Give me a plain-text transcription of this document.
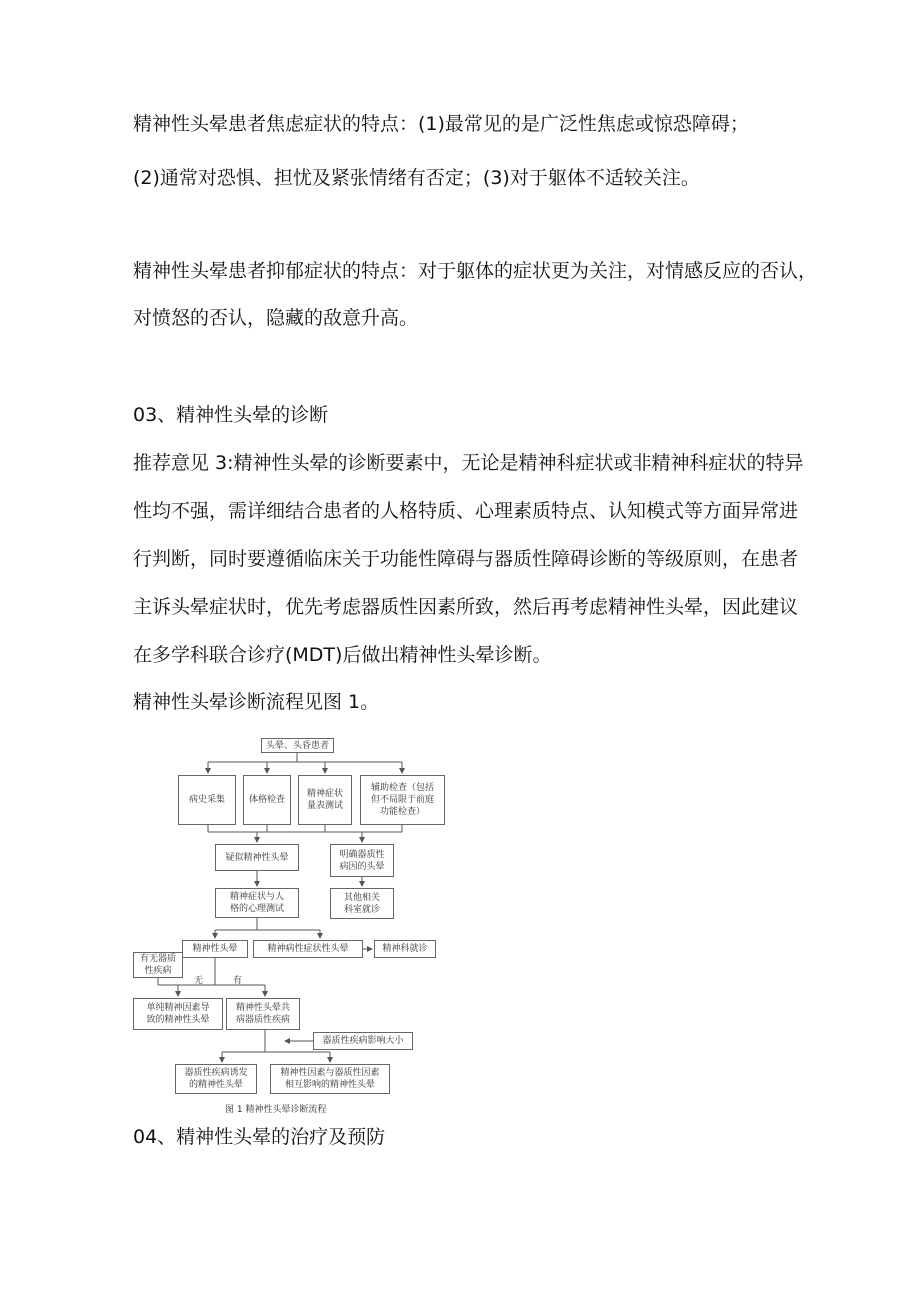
精神性头晕患者焦虑症状的特点：(1)最常见的是广泛性焦虑或惊恐障碍；
(2)通常对恐惧、担忧及紧张情绪有否定；(3)对于躯体不适较关注。
精神性头晕患者抑郁症状的特点：对于躯体的症状更为关注，对情感反应的否认，
对愤怒的否认，隐藏的敌意升高。
03、精神性头晕的诊断
推荐意见 3:精神性头晕的诊断要素中，无论是精神科症状或非精神科症状的特异
性均不强，需详细结合患者的人格特质、心理素质特点、认知模式等方面异常进
行判断，同时要遵循临床关于功能性障碍与器质性障碍诊断的等级原则，在患者
主诉头晕症状时，优先考虑器质性因素所致，然后再考虑精神性头晕，因此建议
在多学科联合诊疗(MDT)后做出精神性头晕诊断。
精神性头晕诊断流程见图 1。
头晕、头昏患者
病史采集	体格检查
精神症状
量表测试
辅助检查（包括
但不局限于前庭
功能检查）
疑似精神性头晕	明确器质性
病因的头晕
精神症状与人
格的心理测试
其他相关
科室就诊
精神性头晕	精神病性症状性头晕	精神科就诊
有无器质
性疾病
无	有
单纯精神因素导
致的精神性头晕
精神性头晕共
病器质性疾病
器质性疾病影响大小
器质性疾病诱发
的精神性头晕
精神性因素与器质性因素
相互影响的精神性头晕
图 1 精神性头晕诊断流程
04、精神性头晕的治疗及预防
